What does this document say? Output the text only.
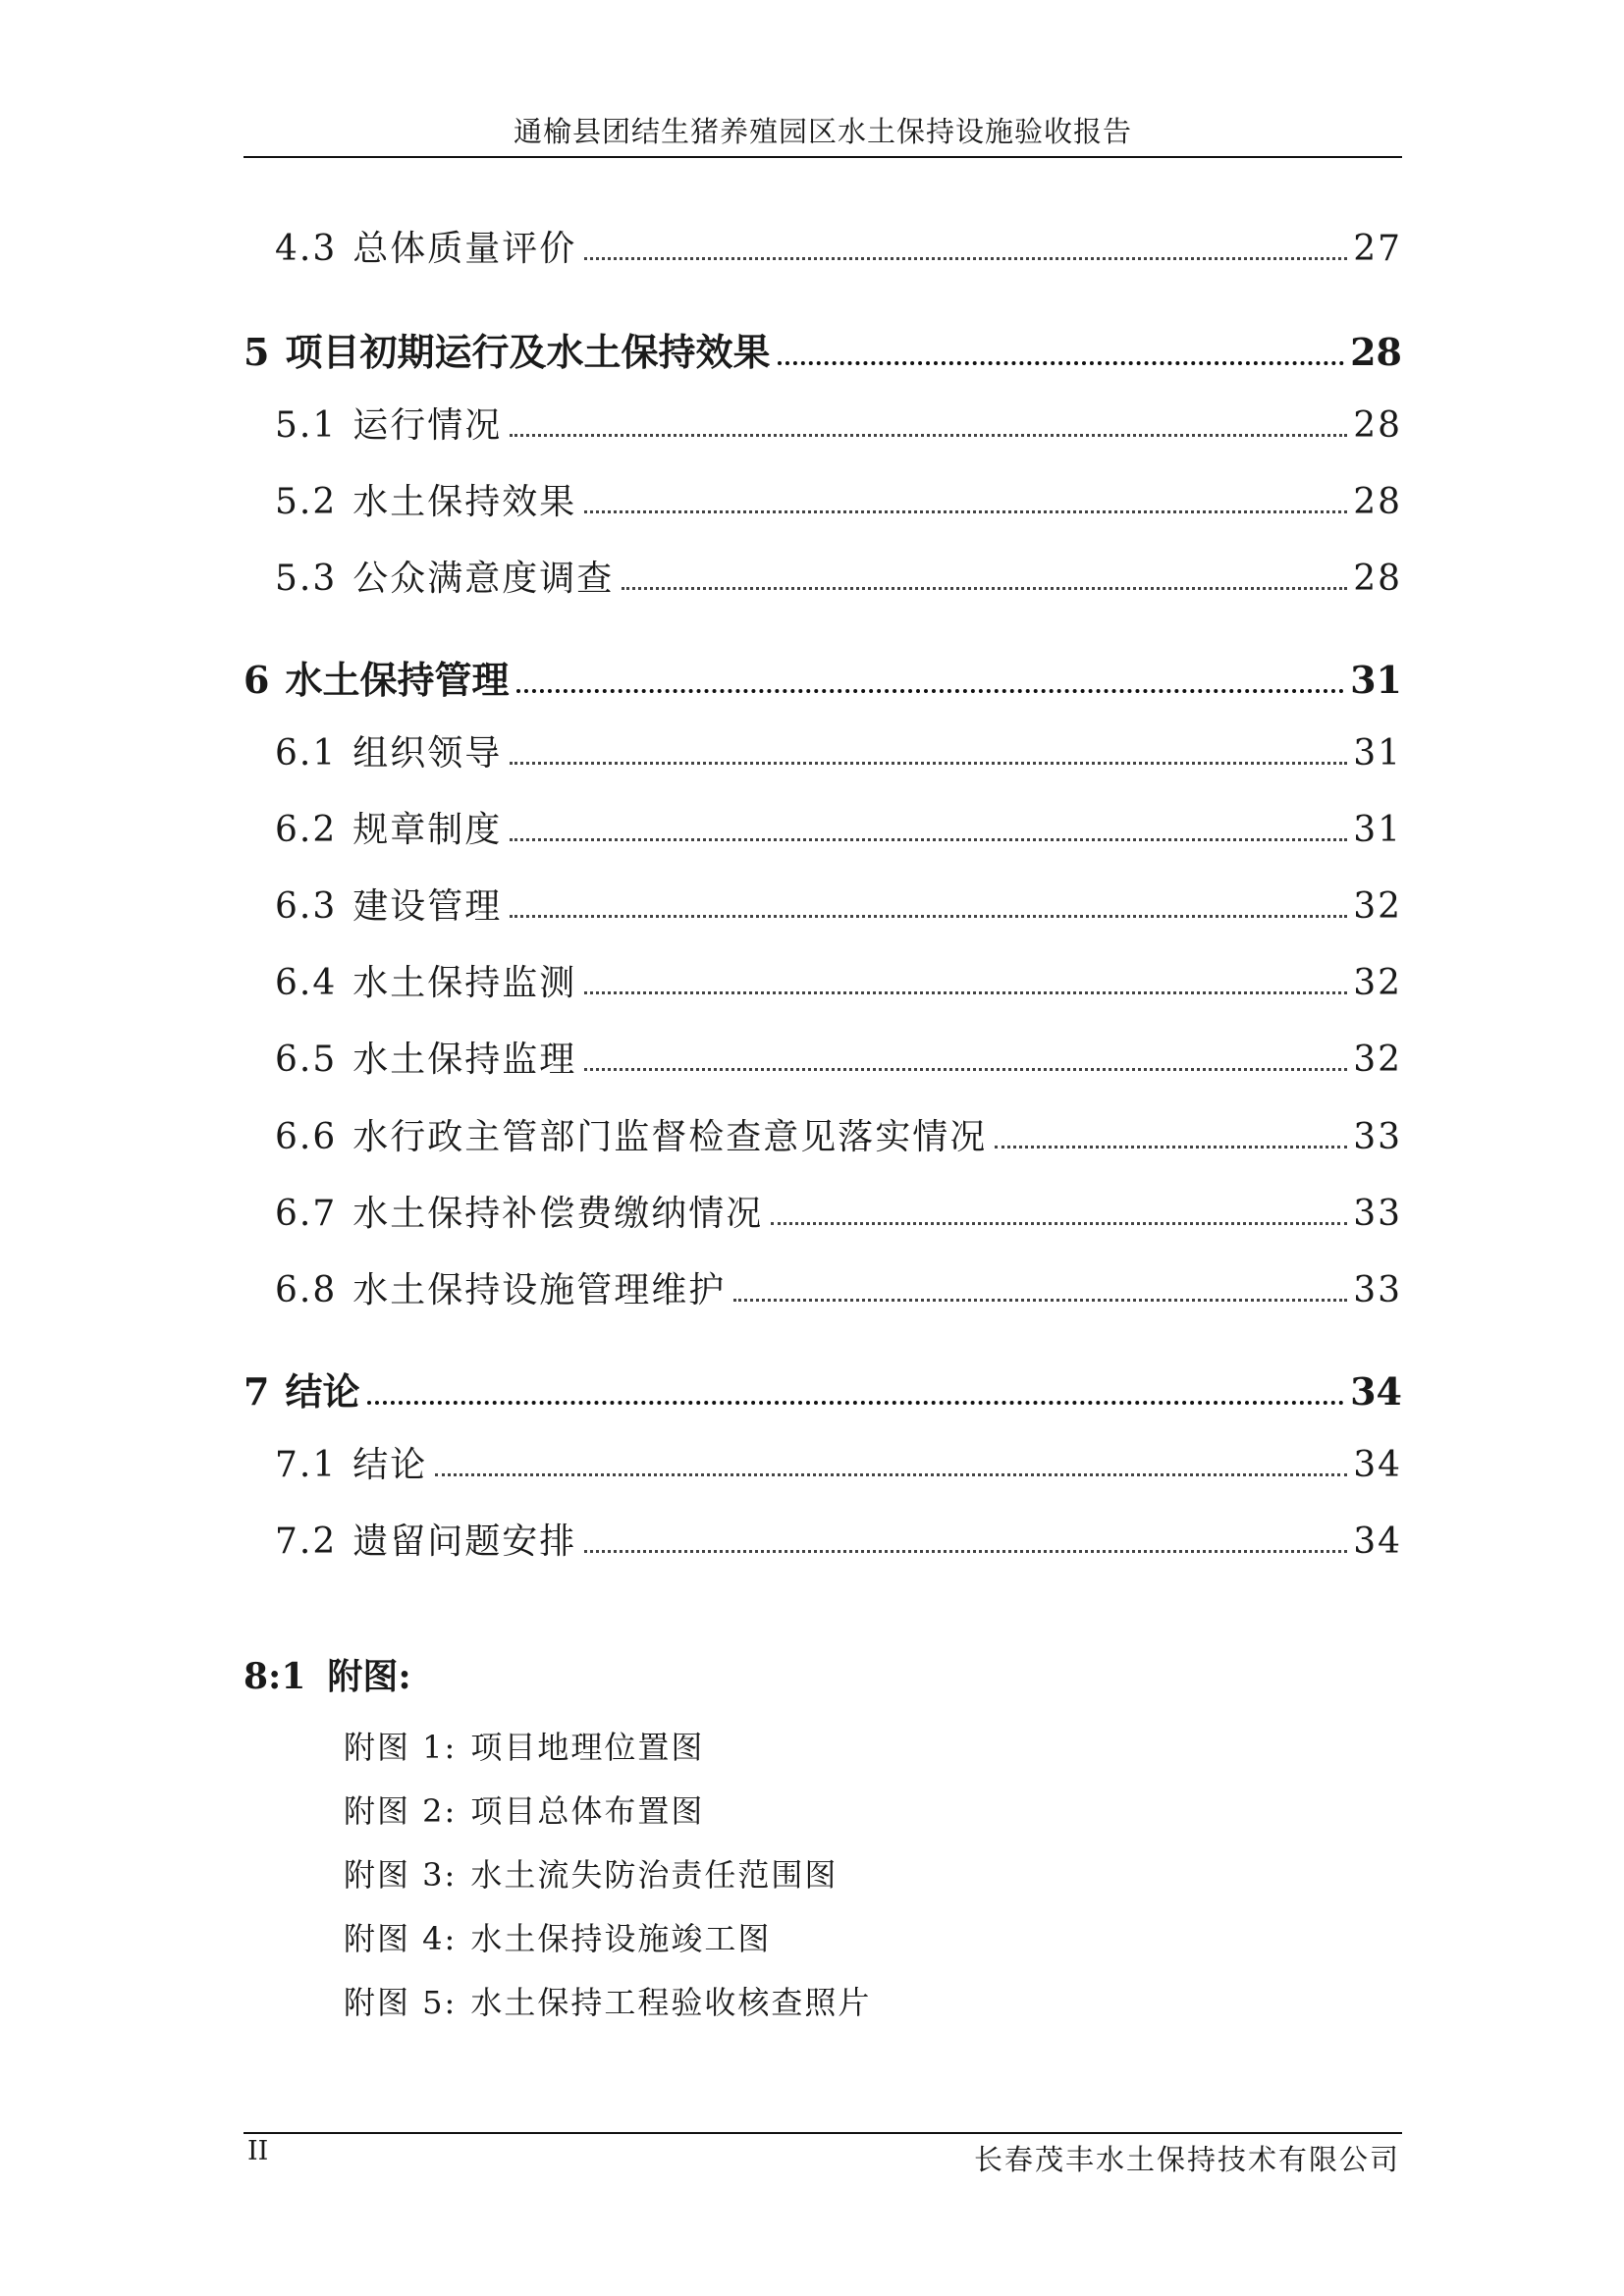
通榆县团结生猪养殖园区水土保持设施验收报告
4.3 总体质量评价	27
5 项目初期运行及水土保持效果	28
5.1 运行情况	28
5.2 水土保持效果	28
5.3 公众满意度调查	28
6 水土保持管理	31
6.1 组织领导	31
6.2 规章制度	31
6.3 建设管理	32
6.4 水土保持监测	32
6.5 水土保持监理	32
6.6 水行政主管部门监督检查意见落实情况	33
6.7 水土保持补偿费缴纳情况	33
6.8 水土保持设施管理维护	33
7 结论	34
7.1 结论	34
7.2 遗留问题安排	34
8:1 附图:
附图 1: 项目地理位置图
附图 2: 项目总体布置图
附图 3: 水土流失防治责任范围图
附图 4: 水土保持设施竣工图
附图 5: 水土保持工程验收核查照片
II	长春茂丰水土保持技术有限公司
